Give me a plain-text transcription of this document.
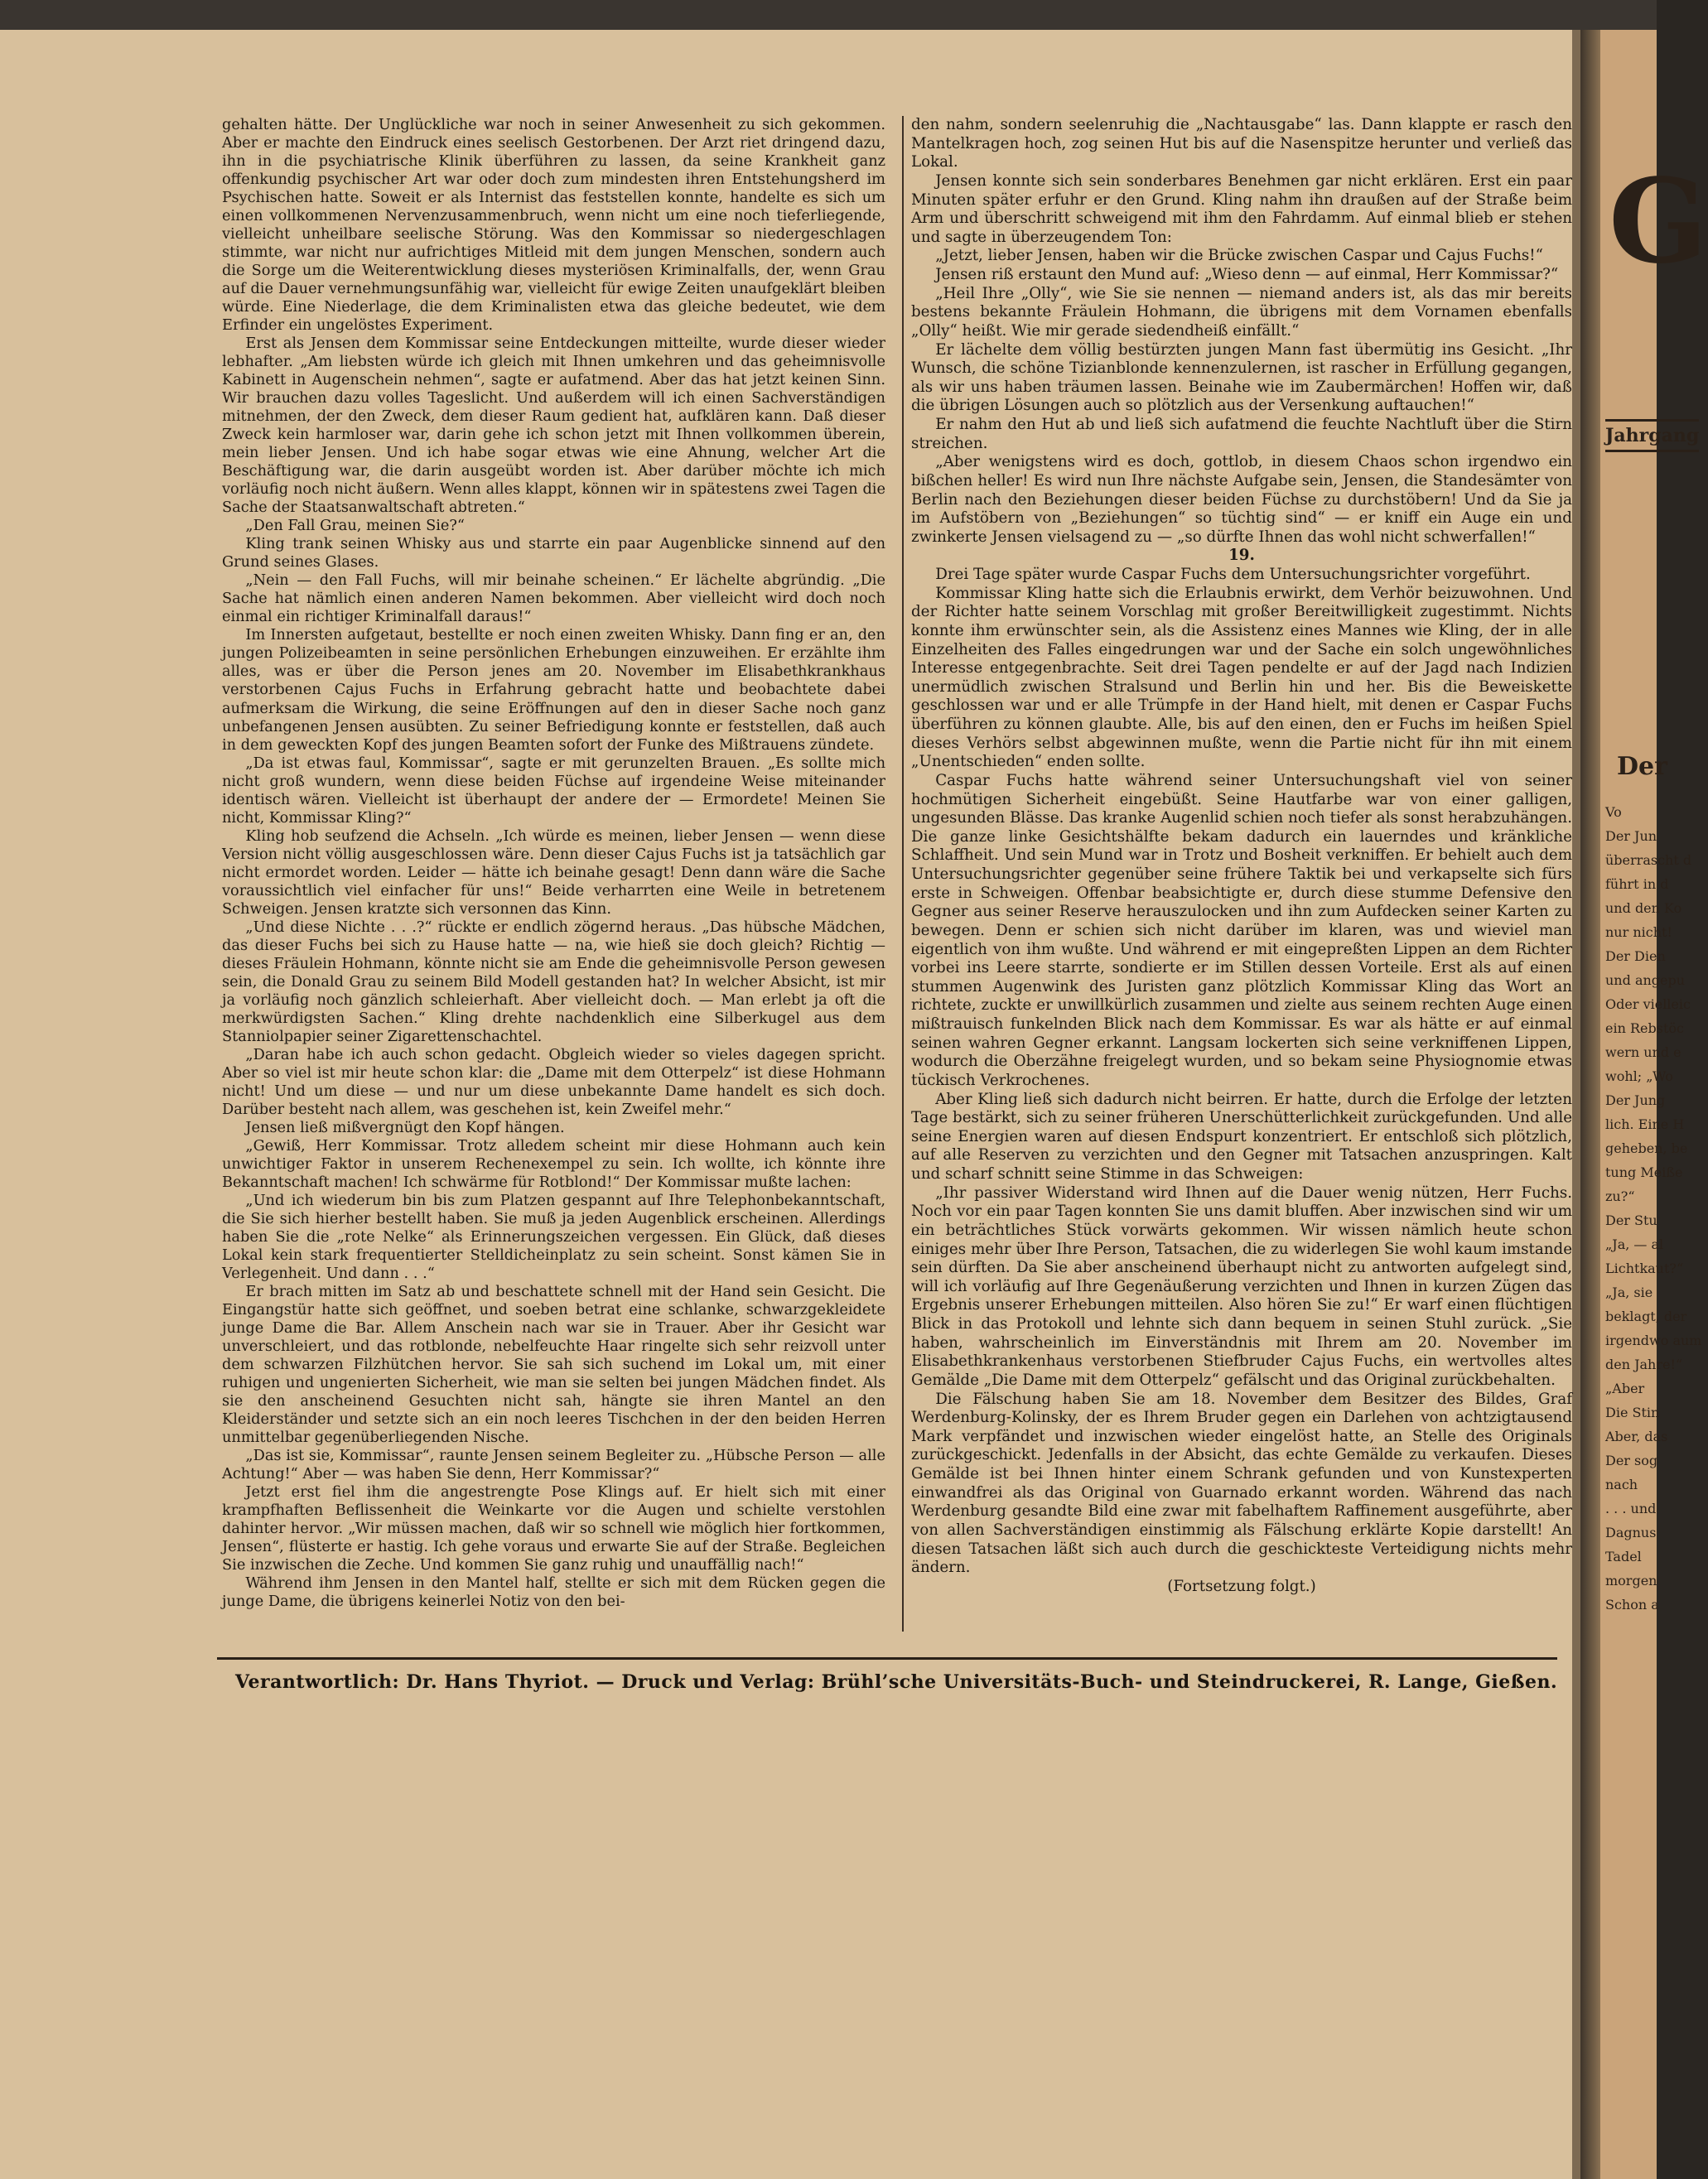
gehalten hätte. Der Unglückliche war noch in seiner Anwesenheit zu sich gekommen. Aber er machte den Eindruck eines seelisch Gestorbenen. Der Arzt riet dringend dazu, ihn in die psychiatrische Klinik überführen zu lassen, da seine Krankheit ganz offenkundig psychischer Art war oder doch zum mindesten ihren Entstehungsherd im Psychischen hatte. Soweit er als Internist das feststellen konnte, handelte es sich um einen vollkommenen Nervenzusammenbruch, wenn nicht um eine noch tieferliegende, vielleicht unheilbare seelische Störung. Was den Kommissar so niedergeschlagen stimmte, war nicht nur aufrichtiges Mitleid mit dem jungen Menschen, sondern auch die Sorge um die Weiterentwicklung dieses mysteriösen Kriminalfalls, der, wenn Grau auf die Dauer vernehmungsunfähig war, vielleicht für ewige Zeiten unaufgeklärt bleiben würde. Eine Niederlage, die dem Kriminalisten etwa das gleiche bedeutet, wie dem Erfinder ein ungelöstes Experiment.

Erst als Jensen dem Kommissar seine Entdeckungen mitteilte, wurde dieser wieder lebhafter. „Am liebsten würde ich gleich mit Ihnen umkehren und das geheimnisvolle Kabinett in Augenschein nehmen“, sagte er aufatmend. Aber das hat jetzt keinen Sinn. Wir brauchen dazu volles Tageslicht. Und außerdem will ich einen Sachverständigen mitnehmen, der den Zweck, dem dieser Raum gedient hat, aufklären kann. Daß dieser Zweck kein harmloser war, darin gehe ich schon jetzt mit Ihnen vollkommen überein, mein lieber Jensen. Und ich habe sogar etwas wie eine Ahnung, welcher Art die Beschäftigung war, die darin ausgeübt worden ist. Aber darüber möchte ich mich vorläufig noch nicht äußern. Wenn alles klappt, können wir in spätestens zwei Tagen die Sache der Staatsanwaltschaft abtreten.“

„Den Fall Grau, meinen Sie?“

Kling trank seinen Whisky aus und starrte ein paar Augenblicke sinnend auf den Grund seines Glases.

„Nein — den Fall Fuchs, will mir beinahe scheinen.“ Er lächelte abgründig. „Die Sache hat nämlich einen anderen Namen bekommen. Aber vielleicht wird doch noch einmal ein richtiger Kriminalfall daraus!“

Im Innersten aufgetaut, bestellte er noch einen zweiten Whisky. Dann fing er an, den jungen Polizeibeamten in seine persönlichen Erhebungen einzuweihen. Er erzählte ihm alles, was er über die Person jenes am 20. November im Elisabethkrankhaus verstorbenen Cajus Fuchs in Erfahrung gebracht hatte und beobachtete dabei aufmerksam die Wirkung, die seine Eröffnungen auf den in dieser Sache noch ganz unbefangenen Jensen ausübten. Zu seiner Befriedigung konnte er feststellen, daß auch in dem geweckten Kopf des jungen Beamten sofort der Funke des Mißtrauens zündete.

„Da ist etwas faul, Kommissar“, sagte er mit gerunzelten Brauen. „Es sollte mich nicht groß wundern, wenn diese beiden Füchse auf irgendeine Weise miteinander identisch wären. Vielleicht ist überhaupt der andere der — Ermordete! Meinen Sie nicht, Kommissar Kling?“

Kling hob seufzend die Achseln. „Ich würde es meinen, lieber Jensen — wenn diese Version nicht völlig ausgeschlossen wäre. Denn dieser Cajus Fuchs ist ja tatsächlich gar nicht ermordet worden. Leider — hätte ich beinahe gesagt! Denn dann wäre die Sache voraussichtlich viel einfacher für uns!“ Beide verharrten eine Weile in betretenem Schweigen. Jensen kratzte sich versonnen das Kinn.

„Und diese Nichte . . .?“ rückte er endlich zögernd heraus. „Das hübsche Mädchen, das dieser Fuchs bei sich zu Hause hatte — na, wie hieß sie doch gleich? Richtig — dieses Fräulein Hohmann, könnte nicht sie am Ende die geheimnisvolle Person gewesen sein, die Donald Grau zu seinem Bild Modell gestanden hat? In welcher Absicht, ist mir ja vorläufig noch gänzlich schleierhaft. Aber vielleicht doch. — Man erlebt ja oft die merkwürdigsten Sachen.“ Kling drehte nachdenklich eine Silberkugel aus dem Stanniolpapier seiner Zigarettenschachtel.

„Daran habe ich auch schon gedacht. Obgleich wieder so vieles dagegen spricht. Aber so viel ist mir heute schon klar: die „Dame mit dem Otterpelz“ ist diese Hohmann nicht! Und um diese — und nur um diese unbekannte Dame handelt es sich doch. Darüber besteht nach allem, was geschehen ist, kein Zweifel mehr.“

Jensen ließ mißvergnügt den Kopf hängen.

„Gewiß, Herr Kommissar. Trotz alledem scheint mir diese Hohmann auch kein unwichtiger Faktor in unserem Rechenexempel zu sein. Ich wollte, ich könnte ihre Bekanntschaft machen! Ich schwärme für Rotblond!“ Der Kommissar mußte lachen:

„Und ich wiederum bin bis zum Platzen gespannt auf Ihre Telephonbekanntschaft, die Sie sich hierher bestellt haben. Sie muß ja jeden Augenblick erscheinen. Allerdings haben Sie die „rote Nelke“ als Erinnerungszeichen vergessen. Ein Glück, daß dieses Lokal kein stark frequentierter Stelldicheinplatz zu sein scheint. Sonst kämen Sie in Verlegenheit. Und dann . . .“

Er brach mitten im Satz ab und beschattete schnell mit der Hand sein Gesicht. Die Eingangstür hatte sich geöffnet, und soeben betrat eine schlanke, schwarzgekleidete junge Dame die Bar. Allem Anschein nach war sie in Trauer. Aber ihr Gesicht war unverschleiert, und das rotblonde, nebelfeuchte Haar ringelte sich sehr reizvoll unter dem schwarzen Filzhütchen hervor. Sie sah sich suchend im Lokal um, mit einer ruhigen und ungenierten Sicherheit, wie man sie selten bei jungen Mädchen findet. Als sie den anscheinend Gesuchten nicht sah, hängte sie ihren Mantel an den Kleiderständer und setzte sich an ein noch leeres Tischchen in der den beiden Herren unmittelbar gegenüberliegenden Nische.

„Das ist sie, Kommissar“, raunte Jensen seinem Begleiter zu. „Hübsche Person — alle Achtung!“ Aber — was haben Sie denn, Herr Kommissar?“

Jetzt erst fiel ihm die angestrengte Pose Klings auf. Er hielt sich mit einer krampfhaften Beflissenheit die Weinkarte vor die Augen und schielte verstohlen dahinter hervor. „Wir müssen machen, daß wir so schnell wie möglich hier fortkommen, Jensen“, flüsterte er hastig. Ich gehe voraus und erwarte Sie auf der Straße. Begleichen Sie inzwischen die Zeche. Und kommen Sie ganz ruhig und unauffällig nach!“

Während ihm Jensen in den Mantel half, stellte er sich mit dem Rücken gegen die junge Dame, die übrigens keinerlei Notiz von den bei-

den nahm, sondern seelenruhig die „Nachtausgabe“ las. Dann klappte er rasch den Mantelkragen hoch, zog seinen Hut bis auf die Nasenspitze herunter und verließ das Lokal.

Jensen konnte sich sein sonderbares Benehmen gar nicht erklären. Erst ein paar Minuten später erfuhr er den Grund. Kling nahm ihn draußen auf der Straße beim Arm und überschritt schweigend mit ihm den Fahrdamm. Auf einmal blieb er stehen und sagte in überzeugendem Ton:

„Jetzt, lieber Jensen, haben wir die Brücke zwischen Caspar und Cajus Fuchs!“

Jensen riß erstaunt den Mund auf: „Wieso denn — auf einmal, Herr Kommissar?“

„Heil Ihre „Olly“, wie Sie sie nennen — niemand anders ist, als das mir bereits bestens bekannte Fräulein Hohmann, die übrigens mit dem Vornamen ebenfalls „Olly“ heißt. Wie mir gerade siedendheiß einfällt.“

Er lächelte dem völlig bestürzten jungen Mann fast übermütig ins Gesicht. „Ihr Wunsch, die schöne Tizianblonde kennenzulernen, ist rascher in Erfüllung gegangen, als wir uns haben träumen lassen. Beinahe wie im Zaubermärchen! Hoffen wir, daß die übrigen Lösungen auch so plötzlich aus der Versenkung auftauchen!“

Er nahm den Hut ab und ließ sich aufatmend die feuchte Nachtluft über die Stirn streichen.

„Aber wenigstens wird es doch, gottlob, in diesem Chaos schon irgendwo ein bißchen heller! Es wird nun Ihre nächste Aufgabe sein, Jensen, die Standesämter von Berlin nach den Beziehungen dieser beiden Füchse zu durchstöbern! Und da Sie ja im Aufstöbern von „Beziehungen“ so tüchtig sind“ — er kniff ein Auge ein und zwinkerte Jensen vielsagend zu — „so dürfte Ihnen das wohl nicht schwerfallen!“

19.

Drei Tage später wurde Caspar Fuchs dem Untersuchungsrichter vorgeführt.

Kommissar Kling hatte sich die Erlaubnis erwirkt, dem Verhör beizuwohnen. Und der Richter hatte seinem Vorschlag mit großer Bereitwilligkeit zugestimmt. Nichts konnte ihm erwünschter sein, als die Assistenz eines Mannes wie Kling, der in alle Einzelheiten des Falles eingedrungen war und der Sache ein solch ungewöhnliches Interesse entgegenbrachte. Seit drei Tagen pendelte er auf der Jagd nach Indizien unermüdlich zwischen Stralsund und Berlin hin und her. Bis die Beweiskette geschlossen war und er alle Trümpfe in der Hand hielt, mit denen er Caspar Fuchs überführen zu können glaubte. Alle, bis auf den einen, den er Fuchs im heißen Spiel dieses Verhörs selbst abgewinnen mußte, wenn die Partie nicht für ihn mit einem „Unentschieden“ enden sollte.

Caspar Fuchs hatte während seiner Untersuchungshaft viel von seiner hochmütigen Sicherheit eingebüßt. Seine Hautfarbe war von einer galligen, ungesunden Blässe. Das kranke Augenlid schien noch tiefer als sonst herabzuhängen. Die ganze linke Gesichtshälfte bekam dadurch ein lauerndes und kränkliche Schlaffheit. Und sein Mund war in Trotz und Bosheit verkniffen. Er behielt auch dem Untersuchungsrichter gegenüber seine frühere Taktik bei und verkapselte sich fürs erste in Schweigen. Offenbar beabsichtigte er, durch diese stumme Defensive den Gegner aus seiner Reserve herauszulocken und ihn zum Aufdecken seiner Karten zu bewegen. Denn er schien sich nicht darüber im klaren, was und wieviel man eigentlich von ihm wußte. Und während er mit eingepreßten Lippen an dem Richter vorbei ins Leere starrte, sondierte er im Stillen dessen Vorteile. Erst als auf einen stummen Augenwink des Juristen ganz plötzlich Kommissar Kling das Wort an richtete, zuckte er unwillkürlich zusammen und zielte aus seinem rechten Auge einen mißtrauisch funkelnden Blick nach dem Kommissar. Es war als hätte er auf einmal seinen wahren Gegner erkannt. Langsam lockerten sich seine verkniffenen Lippen, wodurch die Oberzähne freigelegt wurden, und so bekam seine Physiognomie etwas tückisch Verkrochenes.

Aber Kling ließ sich dadurch nicht beirren. Er hatte, durch die Erfolge der letzten Tage bestärkt, sich zu seiner früheren Unerschütterlichkeit zurückgefunden. Und alle seine Energien waren auf diesen Endspurt konzentriert. Er entschloß sich plötzlich, auf alle Reserven zu verzichten und den Gegner mit Tatsachen anzuspringen. Kalt und scharf schnitt seine Stimme in das Schweigen:

„Ihr passiver Widerstand wird Ihnen auf die Dauer wenig nützen, Herr Fuchs. Noch vor ein paar Tagen konnten Sie uns damit bluffen. Aber inzwischen sind wir um ein beträchtliches Stück vorwärts gekommen. Wir wissen nämlich heute schon einiges mehr über Ihre Person, Tatsachen, die zu widerlegen Sie wohl kaum imstande sein dürften. Da Sie aber anscheinend überhaupt nicht zu antworten aufgelegt sind, will ich vorläufig auf Ihre Gegenäußerung verzichten und Ihnen in kurzen Zügen das Ergebnis unserer Erhebungen mitteilen. Also hören Sie zu!“ Er warf einen flüchtigen Blick in das Protokoll und lehnte sich dann bequem in seinen Stuhl zurück. „Sie haben, wahrscheinlich im Einverständnis mit Ihrem am 20. November im Elisabethkrankenhaus verstorbenen Stiefbruder Cajus Fuchs, ein wertvolles altes Gemälde „Die Dame mit dem Otterpelz“ gefälscht und das Original zurückbehalten.

Die Fälschung haben Sie am 18. November dem Besitzer des Bildes, Graf Werdenburg-Kolinsky, der es Ihrem Bruder gegen ein Darlehen von achtzigtausend Mark verpfändet und inzwischen wieder eingelöst hatte, an Stelle des Originals zurückgeschickt. Jedenfalls in der Absicht, das echte Gemälde zu verkaufen. Dieses Gemälde ist bei Ihnen hinter einem Schrank gefunden und von Kunstexperten einwandfrei als das Original von Guarnado erkannt worden. Während das nach Werdenburg gesandte Bild eine zwar mit fabelhaftem Raffinement ausgeführte, aber von allen Sachverständigen einstimmig als Fälschung erklärte Kopie darstellt! An diesen Tatsachen läßt sich auch durch die geschickteste Verteidigung nichts mehr ändern.

(Fortsetzung folgt.)

Verantwortlich: Dr. Hans Thyriot. — Druck und Verlag: Brühl’sche Universitäts-Buch- und Steindruckerei, R. Lange, Gießen.
G
Jahrgang
Der
Vo
Der Jun
überrascht d
führt in d
und den Ko
nur nicht!
Der Dien
und angepu
Oder vielleic
ein Rebstöc
wern und e
wohl; „Wo
Der Jung
lich. Eine H
geheben, be
tung Meiße
zu?“
Der Stu
„Ja, — al
Lichtkaut?“
„Ja, sie
beklagt, der
irgendwo aum
den Jahre!“
„Aber
Die Stin
Aber, das
Der sog
nach
. . . und
Dagnus
Tadel
morgen
Schon a
